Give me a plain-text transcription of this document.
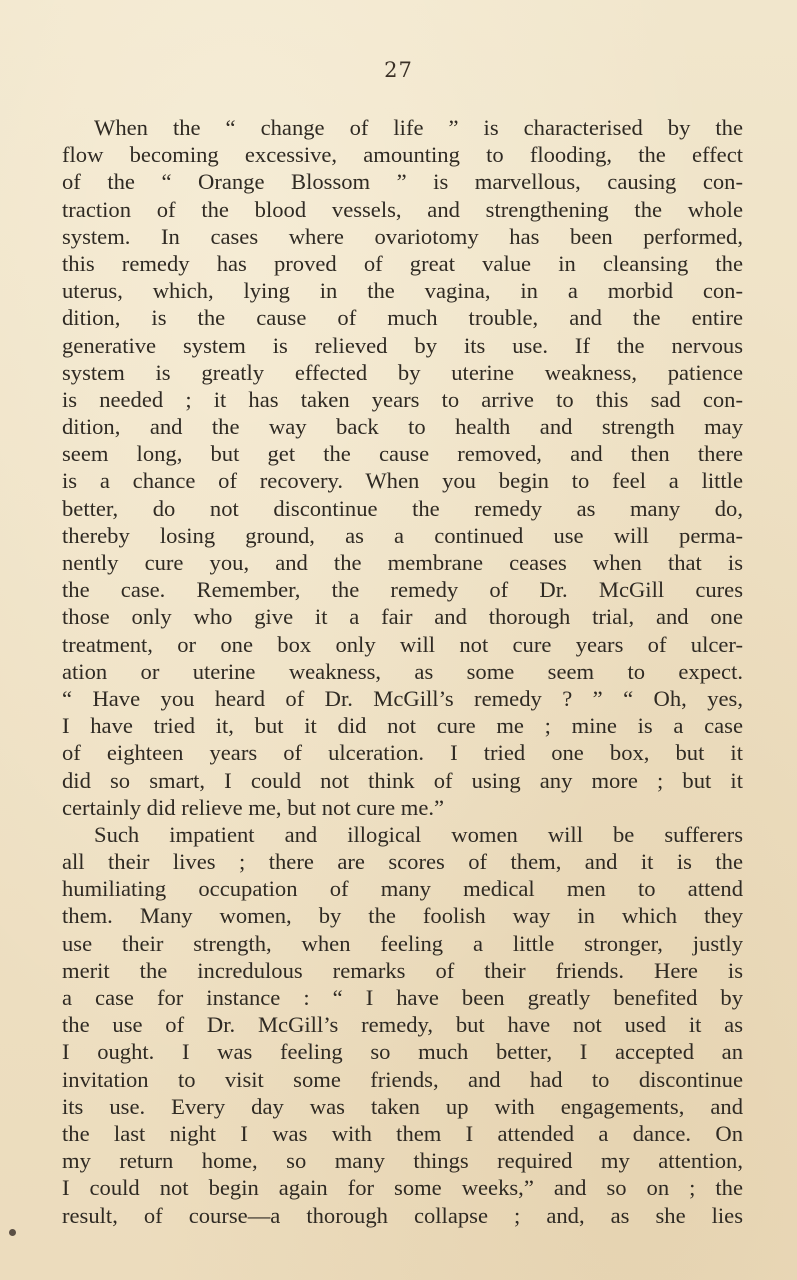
27
When the “ change of life ” is characterised by the
flow becoming excessive, amounting to flooding, the effect
of the “ Orange Blossom ” is marvellous, causing con-
traction of the blood vessels, and strengthening the whole
system. In cases where ovariotomy has been performed,
this remedy has proved of great value in cleansing the
uterus, which, lying in the vagina, in a morbid con-
dition, is the cause of much trouble, and the entire
generative system is relieved by its use. If the nervous
system is greatly effected by uterine weakness, patience
is needed ; it has taken years to arrive to this sad con-
dition, and the way back to health and strength may
seem long, but get the cause removed, and then there
is a chance of recovery. When you begin to feel a little
better, do not discontinue the remedy as many do,
thereby losing ground, as a continued use will perma-
nently cure you, and the membrane ceases when that is
the case. Remember, the remedy of Dr. McGill cures
those only who give it a fair and thorough trial, and one
treatment, or one box only will not cure years of ulcer-
ation or uterine weakness, as some seem to expect.
“ Have you heard of Dr. McGill’s remedy ? ” “ Oh, yes,
I have tried it, but it did not cure me ; mine is a case
of eighteen years of ulceration. I tried one box, but it
did so smart, I could not think of using any more ; but it
certainly did relieve me, but not cure me.”
Such impatient and illogical women will be sufferers
all their lives ; there are scores of them, and it is the
humiliating occupation of many medical men to attend
them. Many women, by the foolish way in which they
use their strength, when feeling a little stronger, justly
merit the incredulous remarks of their friends. Here is
a case for instance : “ I have been greatly benefited by
the use of Dr. McGill’s remedy, but have not used it as
I ought. I was feeling so much better, I accepted an
invitation to visit some friends, and had to discontinue
its use. Every day was taken up with engagements, and
the last night I was with them I attended a dance. On
my return home, so many things required my attention,
I could not begin again for some weeks,” and so on ; the
result, of course—a thorough collapse ; and, as she lies
